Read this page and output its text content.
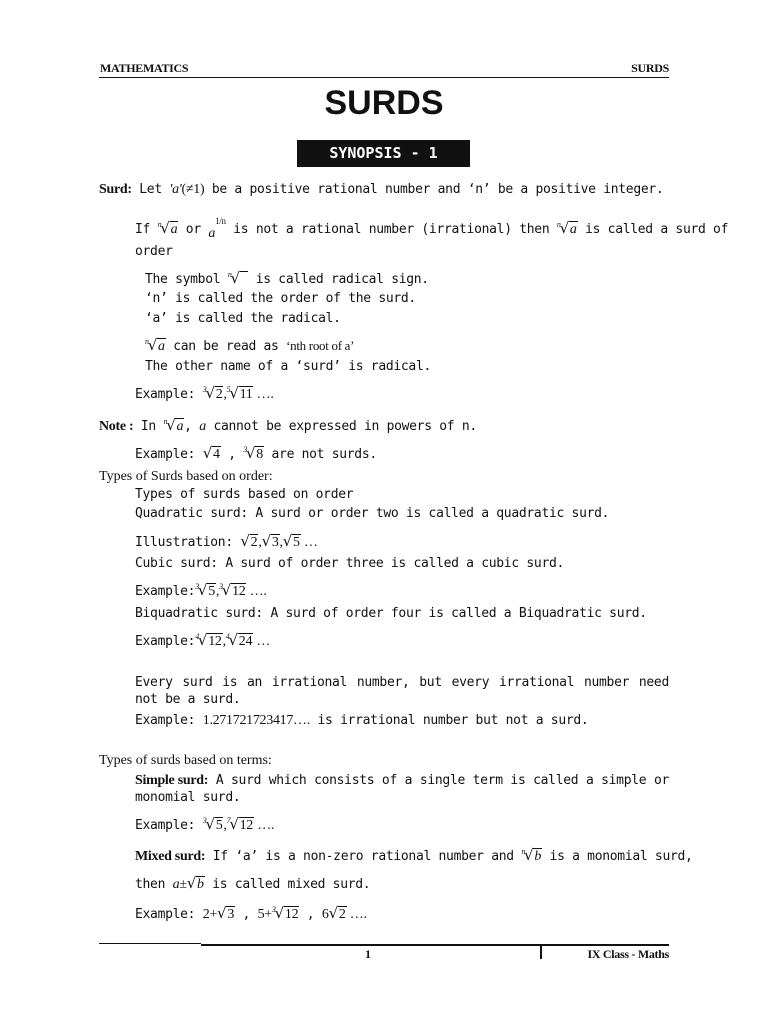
MATHEMATICS	SURDS
SURDS
SYNOPSIS - 1
Surd: Let 'a'(≠1) be a positive rational number and ‘n’ be a positive integer.
If $^n$√a or $a^{1/n}$ is not a rational number (irrational) then $^n$√a is called a surd of
order
The symbol $^n$√ is called radical sign.
‘n’ is called the order of the surd.
‘a’ is called the radical.
$^n$√a can be read as ‘nth root of a’
The other name of a ‘surd’ is radical.
Example: $^3$√2,$^5$√11 ….
Note : In $^n$√a, a cannot be expressed in powers of n.
Example: √4 , $^3$√8 are not surds.
Types of Surds based on order:
Types of surds based on order
Quadratic surd: A surd or order two is called a quadratic surd.
Illustration: √2,√3,√5 …
Cubic surd: A surd of order three is called a cubic surd.
Example:$^3$√5,$^3$√12 ….
Biquadratic surd: A surd of order four is called a Biquadratic surd.
Example:$^4$√12,$^4$√24 …
Every surd is an irrational number, but every irrational number need not be a surd.
Example: 1.271721723417…. is irrational number but not a surd.
Types of surds based on terms:
Simple surd: A surd which consists of a single term is called a simple or monomial surd.
Example: $^3$√5,$^7$√12 ….
Mixed surd: If ‘a’ is a non-zero rational number and $^n$√b is a monomial surd,
then a±√b is called mixed surd.
Example: 2+√3 , 5+$^3$√12 , 6√2 ….
1	IX Class - Maths
